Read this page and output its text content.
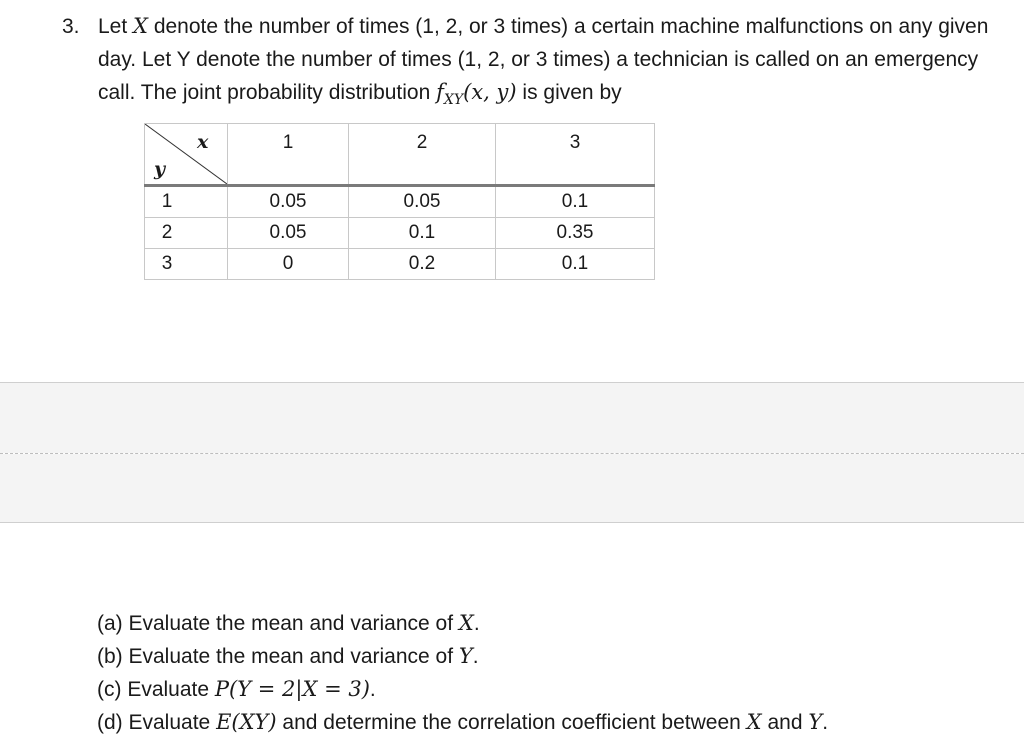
3. Let X denote the number of times (1, 2, or 3 times) a certain machine malfunctions on any given day. Let Y denote the number of times (1, 2, or 3 times) a technician is called on an emergency call. The joint probability distribution $f_{XY}(x$, y) is given by
x
y	1	2	3
1	0.05	0.05	0.1
2	0.05	0.1	0.35
3	0	0.2	0.1
(a) Evaluate the mean and variance of X.
(b) Evaluate the mean and variance of Y.
(c) Evaluate P(Y = 2|X = 3).
(d) Evaluate E(XY) and determine the correlation coefficient between X and Y.
